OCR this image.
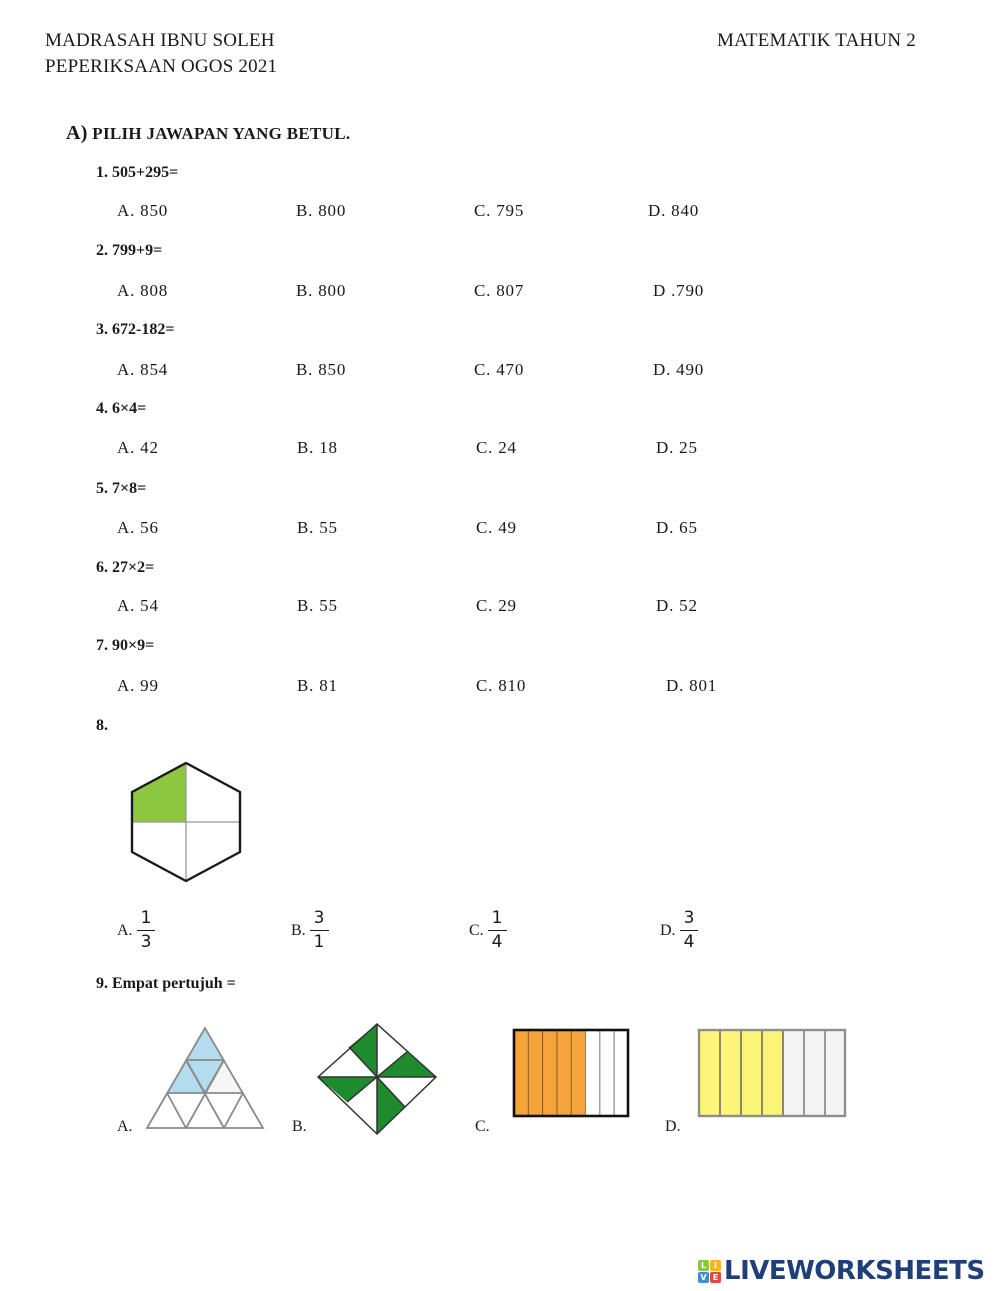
MADRASAH IBNU SOLEH
PEPERIKSAAN OGOS 2021
MATEMATIK TAHUN 2
A) PILIH JAWAPAN YANG BETUL.
1. 505+295=
A. 850	B. 800	C. 795	D. 840
2. 799+9=
A. 808	B. 800	C. 807	D .790
3. 672-182=
A. 854	B. 850	C. 470	D. 490
4. 6×4=
A. 42	B. 18	C. 24	D. 25
5. 7×8=
A. 56	B. 55	C. 49	D. 65
6. 27×2=
A. 54	B. 55	C. 29	D. 52
7. 90×9=
A. 99	B. 81	C. 810	D. 801
8.
A. $\frac{1}{3}$	B. $\frac{3}{1}$	C. $\frac{1}{4}$	D. $\frac{3}{4}$
9. Empat pertujuh =
A.	B.	C.	D.
L I
V E LIVEWORKSHEETS
